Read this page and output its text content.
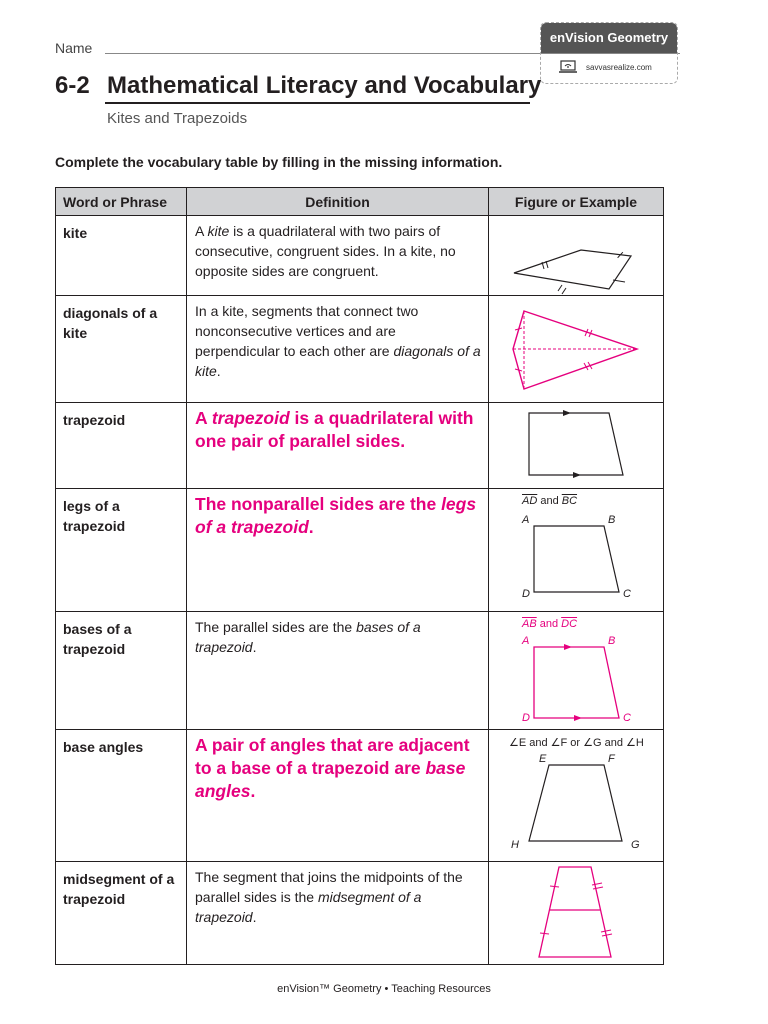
Name
enVision Geometry
savvasrealize.com
6-2 Mathematical Literacy and Vocabulary
Kites and Trapezoids
Complete the vocabulary table by filling in the missing information.
Word or Phrase	Definition	Figure or Example
kite	A kite is a quadrilateral with two pairs of consecutive, congruent sides. In a kite, no opposite sides are congruent.	

diagonals of a kite	In a kite, segments that connect two nonconsecutive vertices and are perpendicular to each other are diagonals of a kite.	

trapezoid	A trapezoid is a quadrilateral with one pair of parallel sides.	

legs of a trapezoid	The nonparallel sides are the legs of a trapezoid.	$\overline{AD}$ and $\overline{BC}$
A B
C
D

bases of a trapezoid	The parallel sides are the bases of a trapezoid.	$\overline{AB}$ and $\overline{DC}$
A B
C
D

base angles	A pair of angles that are adjacent to a base of a trapezoid are base angles.	∠E and ∠F or ∠G and ∠H
E F
G
H

midsegment of a trapezoid	The segment that joins the midpoints of the parallel sides is the midsegment of a trapezoid.	
enVision™ Geometry • Teaching Resources
